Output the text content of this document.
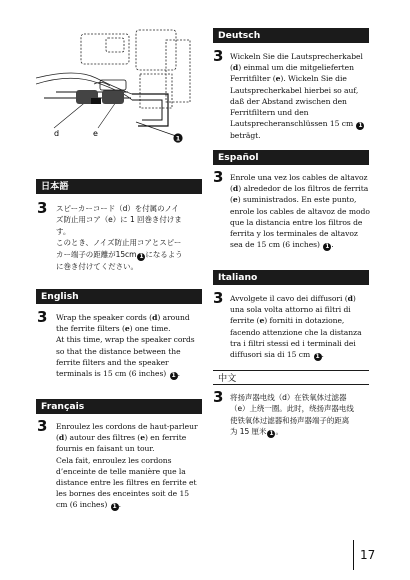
d	e
1
日本語
3 スピーカーコード（d）を付属のノイ
ズ防止用コア（e）に 1 回巻き付けま
す。
このとき、ノイズ防止用コアとスピー
カー端子の距離が15cm 1 になるよう
に巻き付けてください。
English
3 Wrap the speaker cords (d) around the ferrite filters (e) one time.
At this time, wrap the speaker cords so that the distance between the ferrite filters and the speaker terminals is 15 cm (6 inches) 1 .
Français
3 Enroulez les cordons de haut-parleur (d) autour des filtres (e) en ferrite fournis en faisant un tour.
Cela fait, enroulez les cordons d’enceinte de telle manière que la distance entre les filtres en ferrite et les bornes des enceintes soit de 15 cm (6 inches) 1 .
Deutsch
3 Wickeln Sie die Lautsprecherkabel (d) einmal um die mitgelieferten Ferritfilter (e). Wickeln Sie die Lautsprecherkabel hierbei so auf, daß der Abstand zwischen den Ferritfiltern und den Lautsprecheranschlüssen 15 cm 1 beträgt.
Español
3 Enrole una vez los cables de altavoz (d) alrededor de los filtros de ferrita (e) suministrados. En este punto, enrole los cables de altavoz de modo que la distancia entre los filtros de ferrita y los terminales de altavoz sea de 15 cm (6 inches) 1 .
Italiano
3 Avvolgete il cavo dei diffusori (d) una sola volta attorno ai filtri di ferrite (e) forniti in dotazione, facendo attenzione che la distanza tra i filtri stessi ed i terminali dei diffusori sia di 15 cm 1 .
中文
3 将扬声器电线（d）在铁氧体过滤器
（e）上绕一圈。此时，绕扬声器电线
使铁氧体过滤器和扬声器端子的距离
为 15 厘米 1 。
17
